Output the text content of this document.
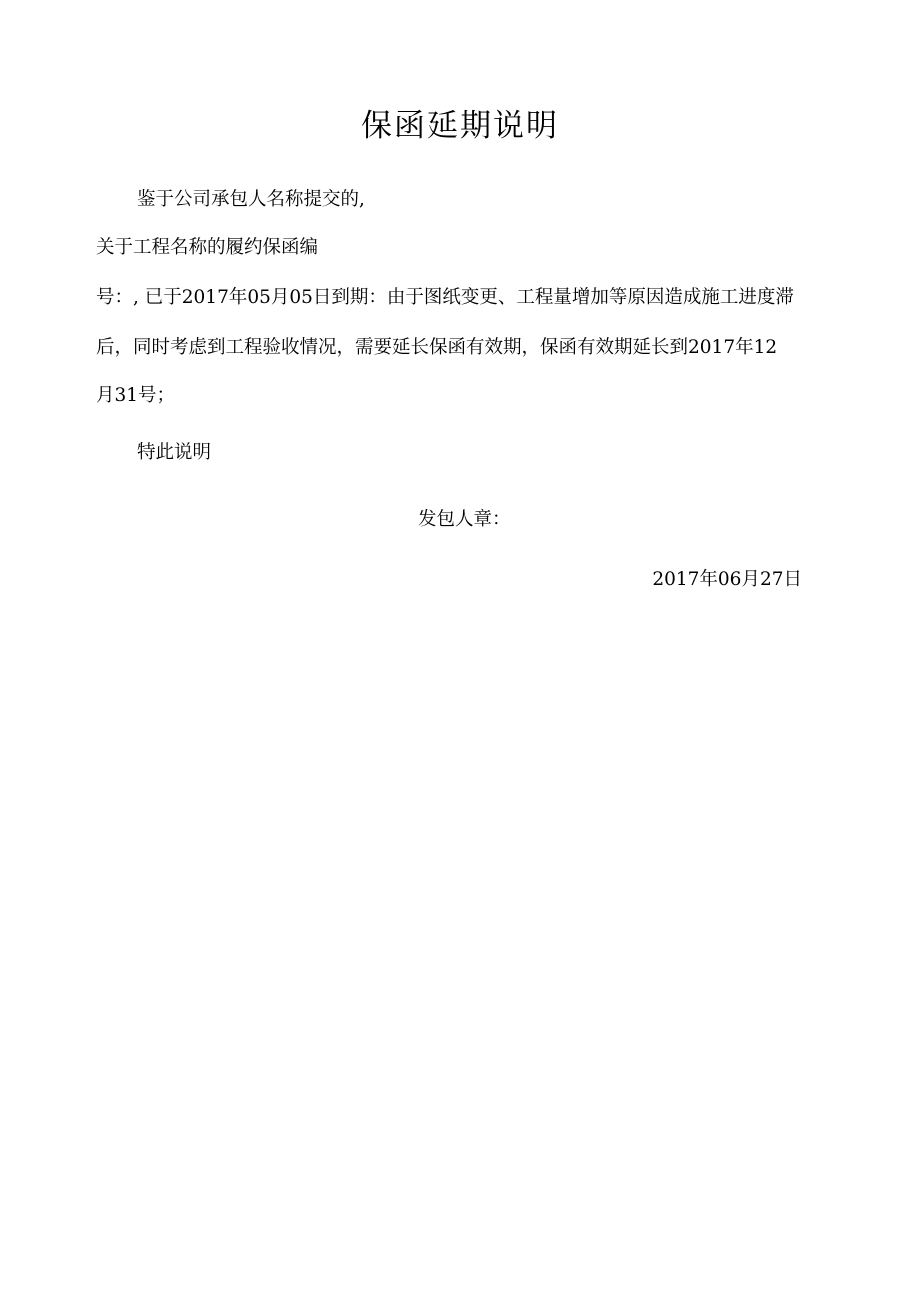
保函延期说明
鉴于公司承包人名称提交的,
关于工程名称的履约保函编
号：, 已于2017年05月05日到期：由于图纸变更、工程量增加等原因造成施工进度滞
后，同时考虑到工程验收情况，需要延长保函有效期，保函有效期延长到2017年12
月31号；
特此说明
发包人章：
2017年06月27日
